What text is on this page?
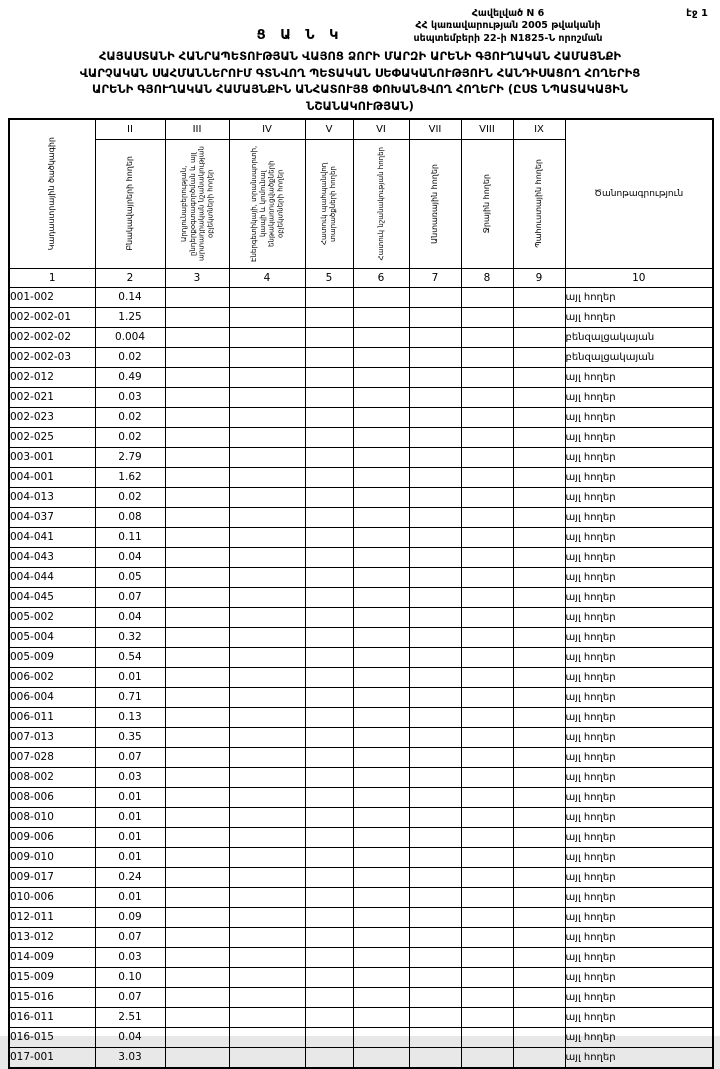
Հավելված N 6
ՀՀ կառավարության 2005 թվականի
սեպտեմբերի 22-ի N1825-Ն որոշման
էջ 1
Ց Ա Ն Կ
ՀԱՅԱՍՏԱՆԻ ՀԱՆՐԱՊԵՏՈՒԹՅԱՆ ՎԱՅՈՑ ՁՈՐԻ ՄԱՐԶԻ ԱՐԵՆԻ ԳՅՈՒՂԱԿԱՆ ՀԱՄԱՅՆՔԻ
ՎԱՐՉԱԿԱՆ ՍԱՀՄԱՆՆԵՐՈՒՄ ԳՏՆՎՈՂ ՊԵՏԱԿԱՆ ՍԵՓԱԿԱՆՈՒԹՅՈՒՆ ՀԱՆԴԻՍԱՑՈՂ ՀՈՂԵՐԻՑ
ԱՐԵՆԻ ԳՅՈՒՂԱԿԱՆ ՀԱՄԱՅՆՔԻՆ ԱՆՀԱՏՈՒՅՑ ՓՈԽԱՆՑՎՈՂ ՀՈՂԵՐԻ (ԸՍՏ ՆՊԱՏԱԿԱՅԻՆ
ՆՇԱՆԱԿՈՒԹՅԱՆ)
Կադաստրային ծածկագիր	II	III	IV	V	VI	VII	VIII	IX	Ծանոթագրություն

	Բնակավայրերի հողեր	Արդյունաբերության, ընդերքօգտագործման և այլ արտադրական նշանակության օբյեկտների հողեր	Էներգետիկայի, տրանսպորտի, կապի և կոմունալ ենթակառուցվածքների օբյեկտների հողեր	Հատուկ պահպանվող տարածքների հողեր	Հատուկ նշանակության հողեր	Անտառային հողեր	Ջրային հողեր	Պահուստային հողեր	

1	2	3	4	5	6	7	8	9	10
001-002	0.14								այլ հողեր
002-002-01	1.25								այլ հողեր
002-002-02	0.004								բենզալցակայան
002-002-03	0.02								բենզալցակայան
002-012	0.49								այլ հողեր
002-021	0.03								այլ հողեր
002-023	0.02								այլ հողեր
002-025	0.02								այլ հողեր
003-001	2.79								այլ հողեր
004-001	1.62								այլ հողեր
004-013	0.02								այլ հողեր
004-037	0.08								այլ հողեր
004-041	0.11								այլ հողեր
004-043	0.04								այլ հողեր
004-044	0.05								այլ հողեր
004-045	0.07								այլ հողեր
005-002	0.04								այլ հողեր
005-004	0.32								այլ հողեր
005-009	0.54								այլ հողեր
006-002	0.01								այլ հողեր
006-004	0.71								այլ հողեր
006-011	0.13								այլ հողեր
007-013	0.35								այլ հողեր
007-028	0.07								այլ հողեր
008-002	0.03								այլ հողեր
008-006	0.01								այլ հողեր
008-010	0.01								այլ հողեր
009-006	0.01								այլ հողեր
009-010	0.01								այլ հողեր
009-017	0.24								այլ հողեր
010-006	0.01								այլ հողեր
012-011	0.09								այլ հողեր
013-012	0.07								այլ հողեր
014-009	0.03								այլ հողեր
015-009	0.10								այլ հողեր
015-016	0.07								այլ հողեր
016-011	2.51								այլ հողեր
016-015	0.04								այլ հողեր
017-001	3.03								այլ հողեր
